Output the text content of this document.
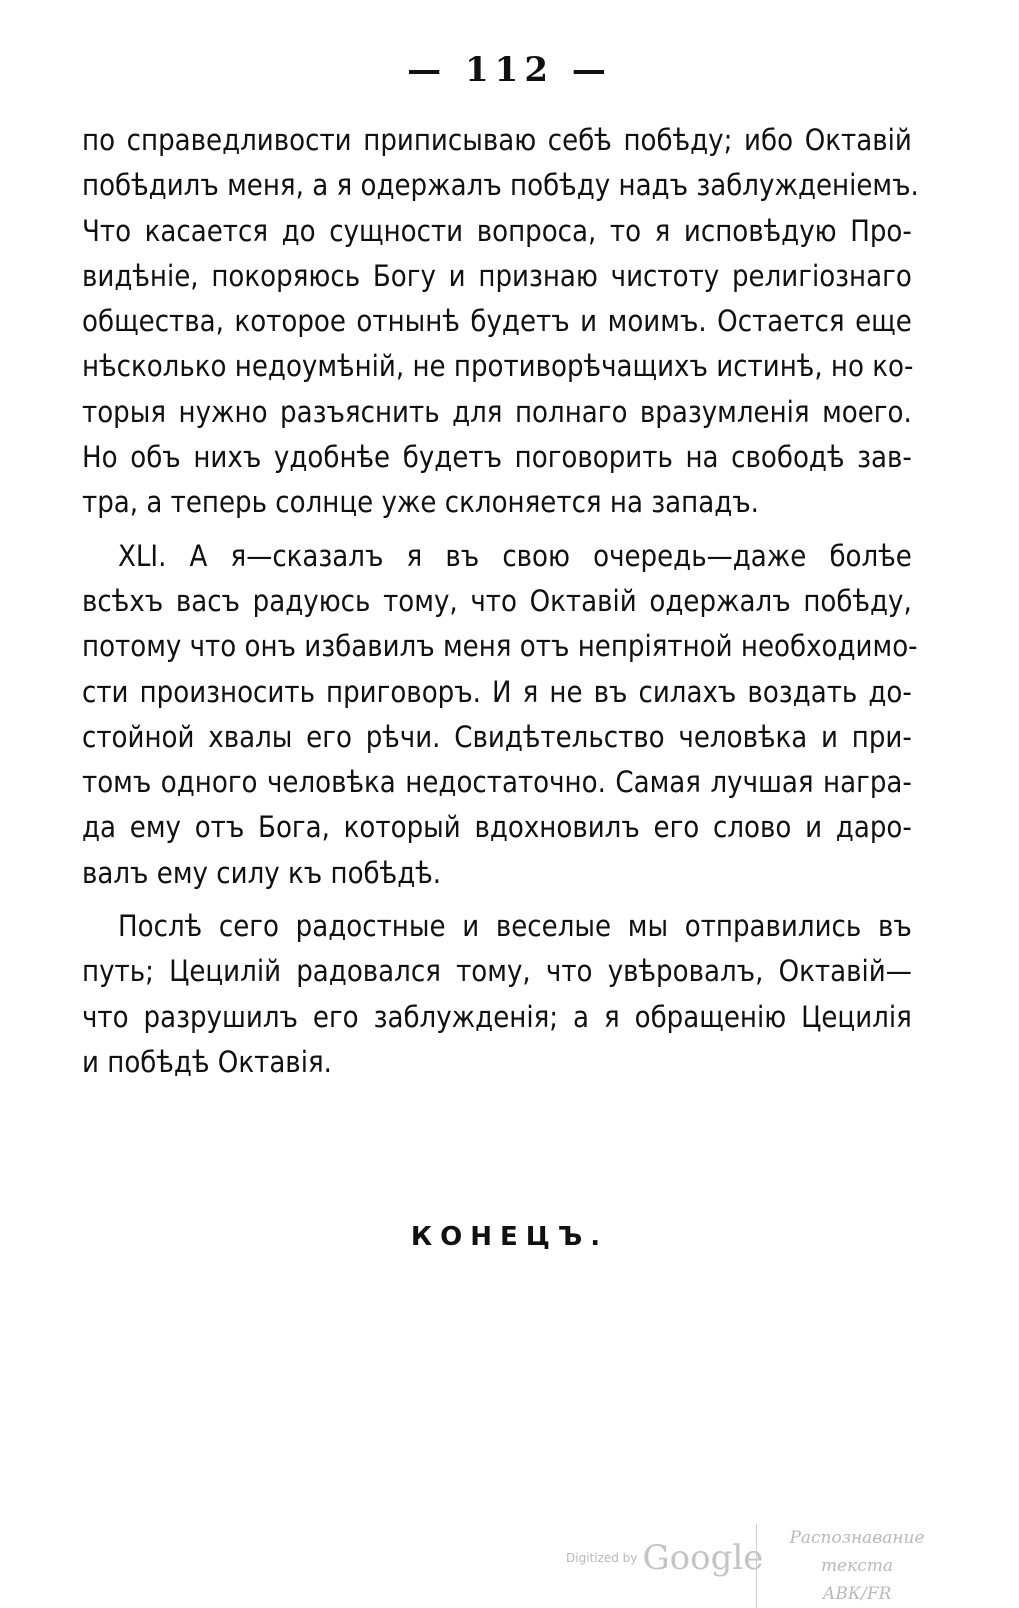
— 112 —
по справедливости приписываю себѣ побѣду; ибо Октавій
побѣдилъ меня, а я одержалъ побѣду надъ заблужденіемъ.
Что касается до сущности вопроса, то я исповѣдую Про-
видѣніе, покоряюсь Богу и признаю чистоту религіознаго
общества, которое отнынѣ будетъ и моимъ. Остается еще
нѣсколько недоумѣній, не противорѣчащихъ истинѣ, но ко-
торыя нужно разъяснить для полнаго вразумленія моего.
Но объ нихъ удобнѣе будетъ поговорить на свободѣ зав-
тра, а теперь солнце уже склоняется на западъ.
XLI. А я—сказалъ я въ свою очередь—даже болѣе
всѣхъ васъ радуюсь тому, что Октавій одержалъ побѣду,
потому что онъ избавилъ меня отъ непріятной необходимо-
сти произносить приговоръ. И я не въ силахъ воздать до-
стойной хвалы его рѣчи. Свидѣтельство человѣка и при-
томъ одного человѣка недостаточно. Самая лучшая награ-
да ему отъ Бога, который вдохновилъ его слово и даро-
валъ ему силу къ побѣдѣ.
Послѣ сего радостные и веселые мы отправились въ
путь; Цецилій радовался тому, что увѣровалъ, Октавій—
что разрушилъ его заблужденія; а я обращенію Цецилія
и побѣдѣ Октавія.
КОНЕЦЪ.
Digitized by Google	Распознавание текста
АВК/FR
